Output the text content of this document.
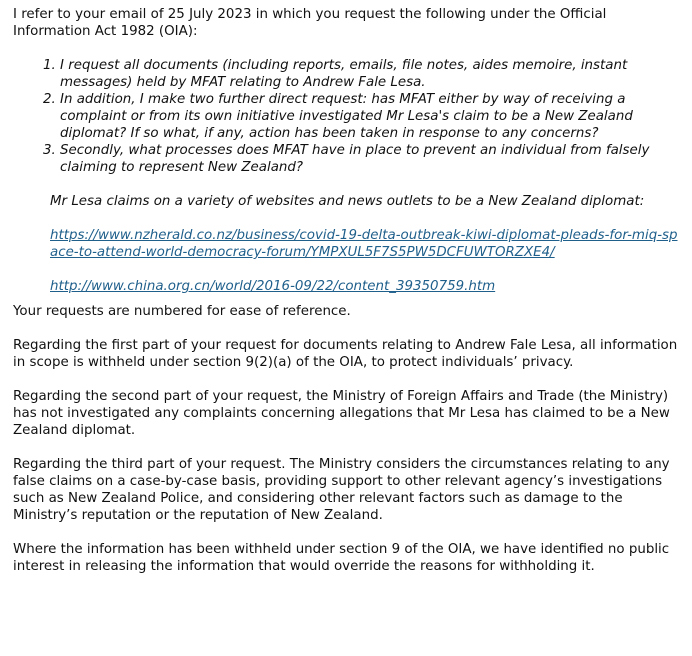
I refer to your email of 25 July 2023 in which you request the following under the Official Information Act 1982 (OIA):

1. I request all documents (including reports, emails, file notes, aides memoire, instant messages) held by MFAT relating to Andrew Fale Lesa.
2. In addition, I make two further direct request: has MFAT either by way of receiving a complaint or from its own initiative investigated Mr Lesa's claim to be a New Zealand diplomat? If so what, if any, action has been taken in response to any concerns?
3. Secondly, what processes does MFAT have in place to prevent an individual from falsely claiming to represent New Zealand?

Mr Lesa claims on a variety of websites and news outlets to be a New Zealand diplomat:

https://www.nzherald.co.nz/business/covid-19-delta-outbreak-kiwi-diplomat-pleads-for-miq-space-to-attend-world-democracy-forum/YMPXUL5F7S5PW5DCFUWTORZXE4/

http://www.china.org.cn/world/2016-09/22/content_39350759.htm

Your requests are numbered for ease of reference.

Regarding the first part of your request for documents relating to Andrew Fale Lesa, all information in scope is withheld under section 9(2)(a) of the OIA, to protect individuals’ privacy.

Regarding the second part of your request, the Ministry of Foreign Affairs and Trade (the Ministry) has not investigated any complaints concerning allegations that Mr Lesa has claimed to be a New Zealand diplomat.

Regarding the third part of your request. The Ministry considers the circumstances relating to any false claims on a case-by-case basis, providing support to other relevant agency’s investigations such as New Zealand Police, and considering other relevant factors such as damage to the Ministry’s reputation or the reputation of New Zealand.

Where the information has been withheld under section 9 of the OIA, we have identified no public interest in releasing the information that would override the reasons for withholding it.
